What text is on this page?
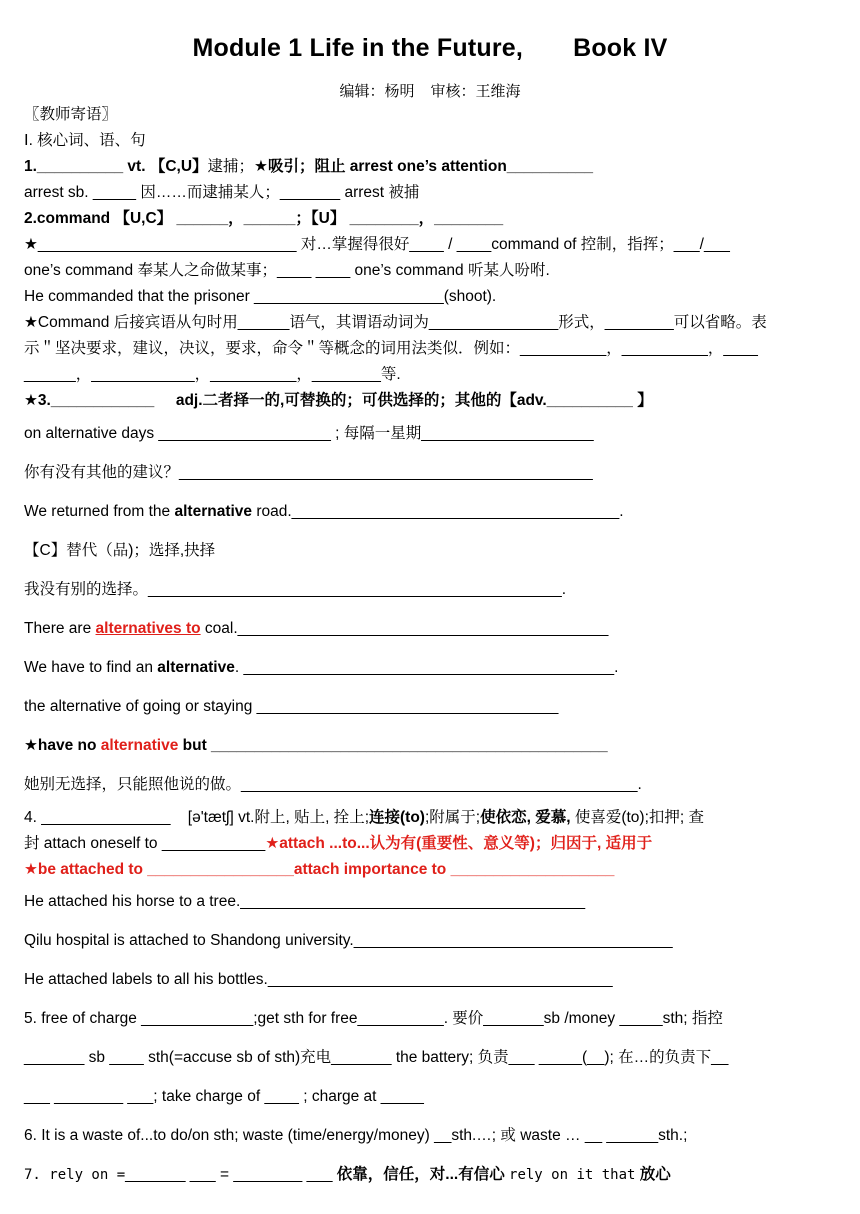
Module 1 Life in the Future, Book IV
编辑：杨明 审核：王维海
〖教师寄语〗
Ⅰ. 核心词、语、句
1.__________ vt. 【C,U】逮捕；★吸引；阻止 arrest one’s attention__________
arrest sb. _____ 因……而逮捕某人；_______ arrest 被捕
2.command 【U,C】 ______，______；【U】 ________，________
★______________________________ 对…掌握得很好____ / ____command of 控制，指挥；___/___
one’s command 奉某人之命做某事；____ ____ one’s command 听某人吩咐.
He commanded that the prisoner ______________________(shoot).
★Command 后接宾语从句时用______语气，其谓语动词为_______________形式，________可以省略。表
示＂坚决要求，建议，决议，要求，命令＂等概念的词用法类似．例如：__________，__________，____
______，____________，__________，________等.
★3.____________ adj.二者择一的,可替换的；可供选择的；其他的【adv.__________ 】
on alternative days ____________________ ; 每隔一星期____________________
你有没有其他的建议？________________________________________________
We returned from the alternative road.______________________________________.
【C】替代（品)；选择,抉择
我没有别的选择。________________________________________________.
There are alternatives to coal.___________________________________________
We have to find an alternative. ___________________________________________.
the alternative of going or staying ___________________________________
★have no alternative but ______________________________________________
她别无选择，只能照他说的做。______________________________________________.
4. _______________ [ə'tætʃ] vt.附上, 贴上, 拴上;连接(to);附属于;使依恋, 爱慕, 使喜爱(to);扣押; 查
封 attach oneself to ____________★attach ...to...认为有(重要性、意义等)；归因于, 适用于
★be attached to _________________attach importance to ___________________
He attached his horse to a tree.________________________________________
Qilu hospital is attached to Shandong university._____________________________________
He attached labels to all his bottles.________________________________________
5. free of charge _____________;get sth for free__________. 要价_______sb /money _____sth; 指控
_______ sb ____ sth(=accuse sb of sth)充电_______ the battery; 负责___ _____(__); 在…的负责下__
___ ________ ___; take charge of ____ ; charge at _____
6. It is a waste of...to do/on sth; waste (time/energy/money) __sth.…; 或 waste … __ ______sth.;
7. rely on =_______ ___ = ________ ___ 依靠，信任，对...有信心 rely on it that 放心
